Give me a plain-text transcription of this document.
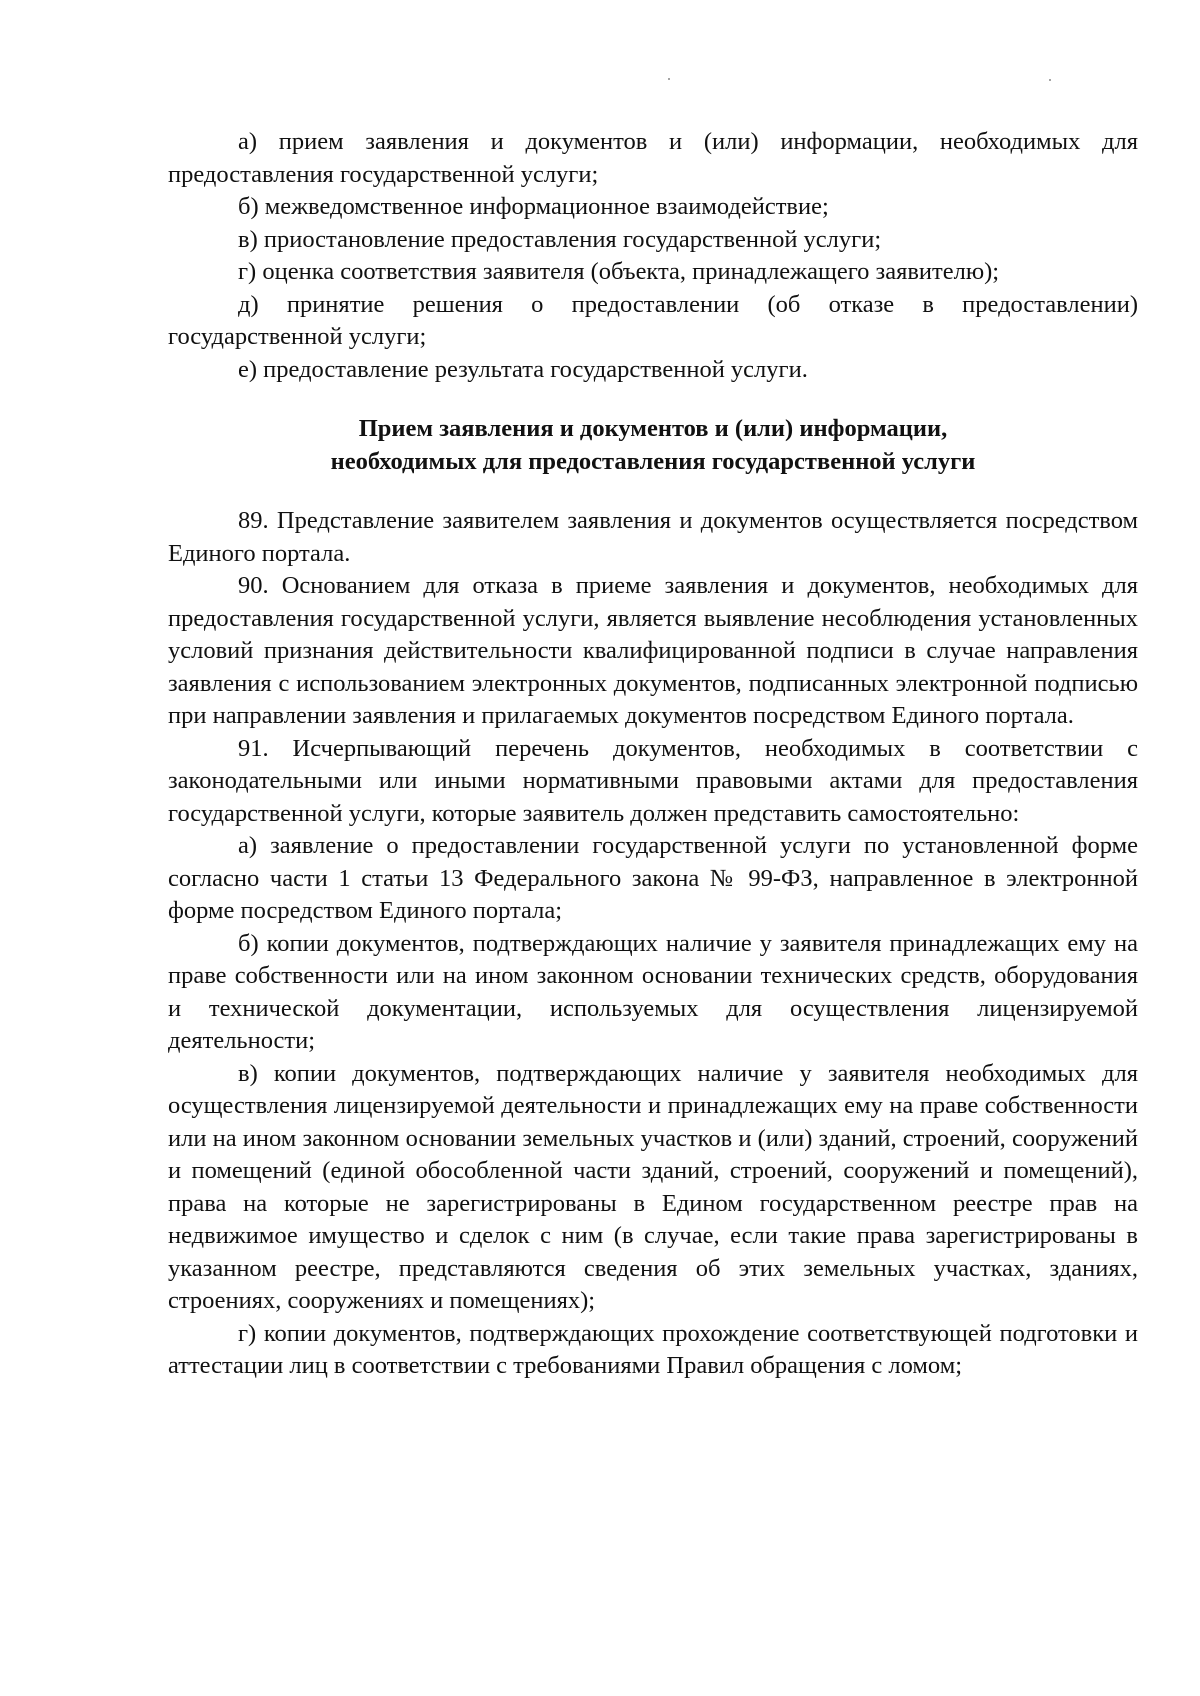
а) прием заявления и документов и (или) информации, необходимых для предоставления государственной услуги;

б) межведомственное информационное взаимодействие;

в) приостановление предоставления государственной услуги;

г) оценка соответствия заявителя (объекта, принадлежащего заявителю);

д) принятие решения о предоставлении (об отказе в предоставлении) государственной услуги;

е) предоставление результата государственной услуги.

Прием заявления и документов и (или) информации,
необходимых для предоставления государственной услуги

89. Представление заявителем заявления и документов осуществляется посредством Единого портала.

90. Основанием для отказа в приеме заявления и документов, необходимых для предоставления государственной услуги, является выявление несоблюдения установленных условий признания действительности квалифицированной подписи в случае направления заявления с использованием электронных документов, подписанных электронной подписью при направлении заявления и прилагаемых документов посредством Единого портала.

91. Исчерпывающий перечень документов, необходимых в соответствии с законодательными или иными нормативными правовыми актами для предоставления государственной услуги, которые заявитель должен представить самостоятельно:

а) заявление о предоставлении государственной услуги по установленной форме согласно части 1 статьи 13 Федерального закона № 99-ФЗ, направленное в электронной форме посредством Единого портала;

б) копии документов, подтверждающих наличие у заявителя принадлежащих ему на праве собственности или на ином законном основании технических средств, оборудования и технической документации, используемых для осуществления лицензируемой деятельности;

в) копии документов, подтверждающих наличие у заявителя необходимых для осуществления лицензируемой деятельности и принадлежащих ему на праве собственности или на ином законном основании земельных участков и (или) зданий, строений, сооружений и помещений (единой обособленной части зданий, строений, сооружений и помещений), права на которые не зарегистрированы в Едином государственном реестре прав на недвижимое имущество и сделок с ним (в случае, если такие права зарегистрированы в указанном реестре, представляются сведения об этих земельных участках, зданиях, строениях, сооружениях и помещениях);

г) копии документов, подтверждающих прохождение соответствующей подготовки и аттестации лиц в соответствии с требованиями Правил обращения с ломом;
